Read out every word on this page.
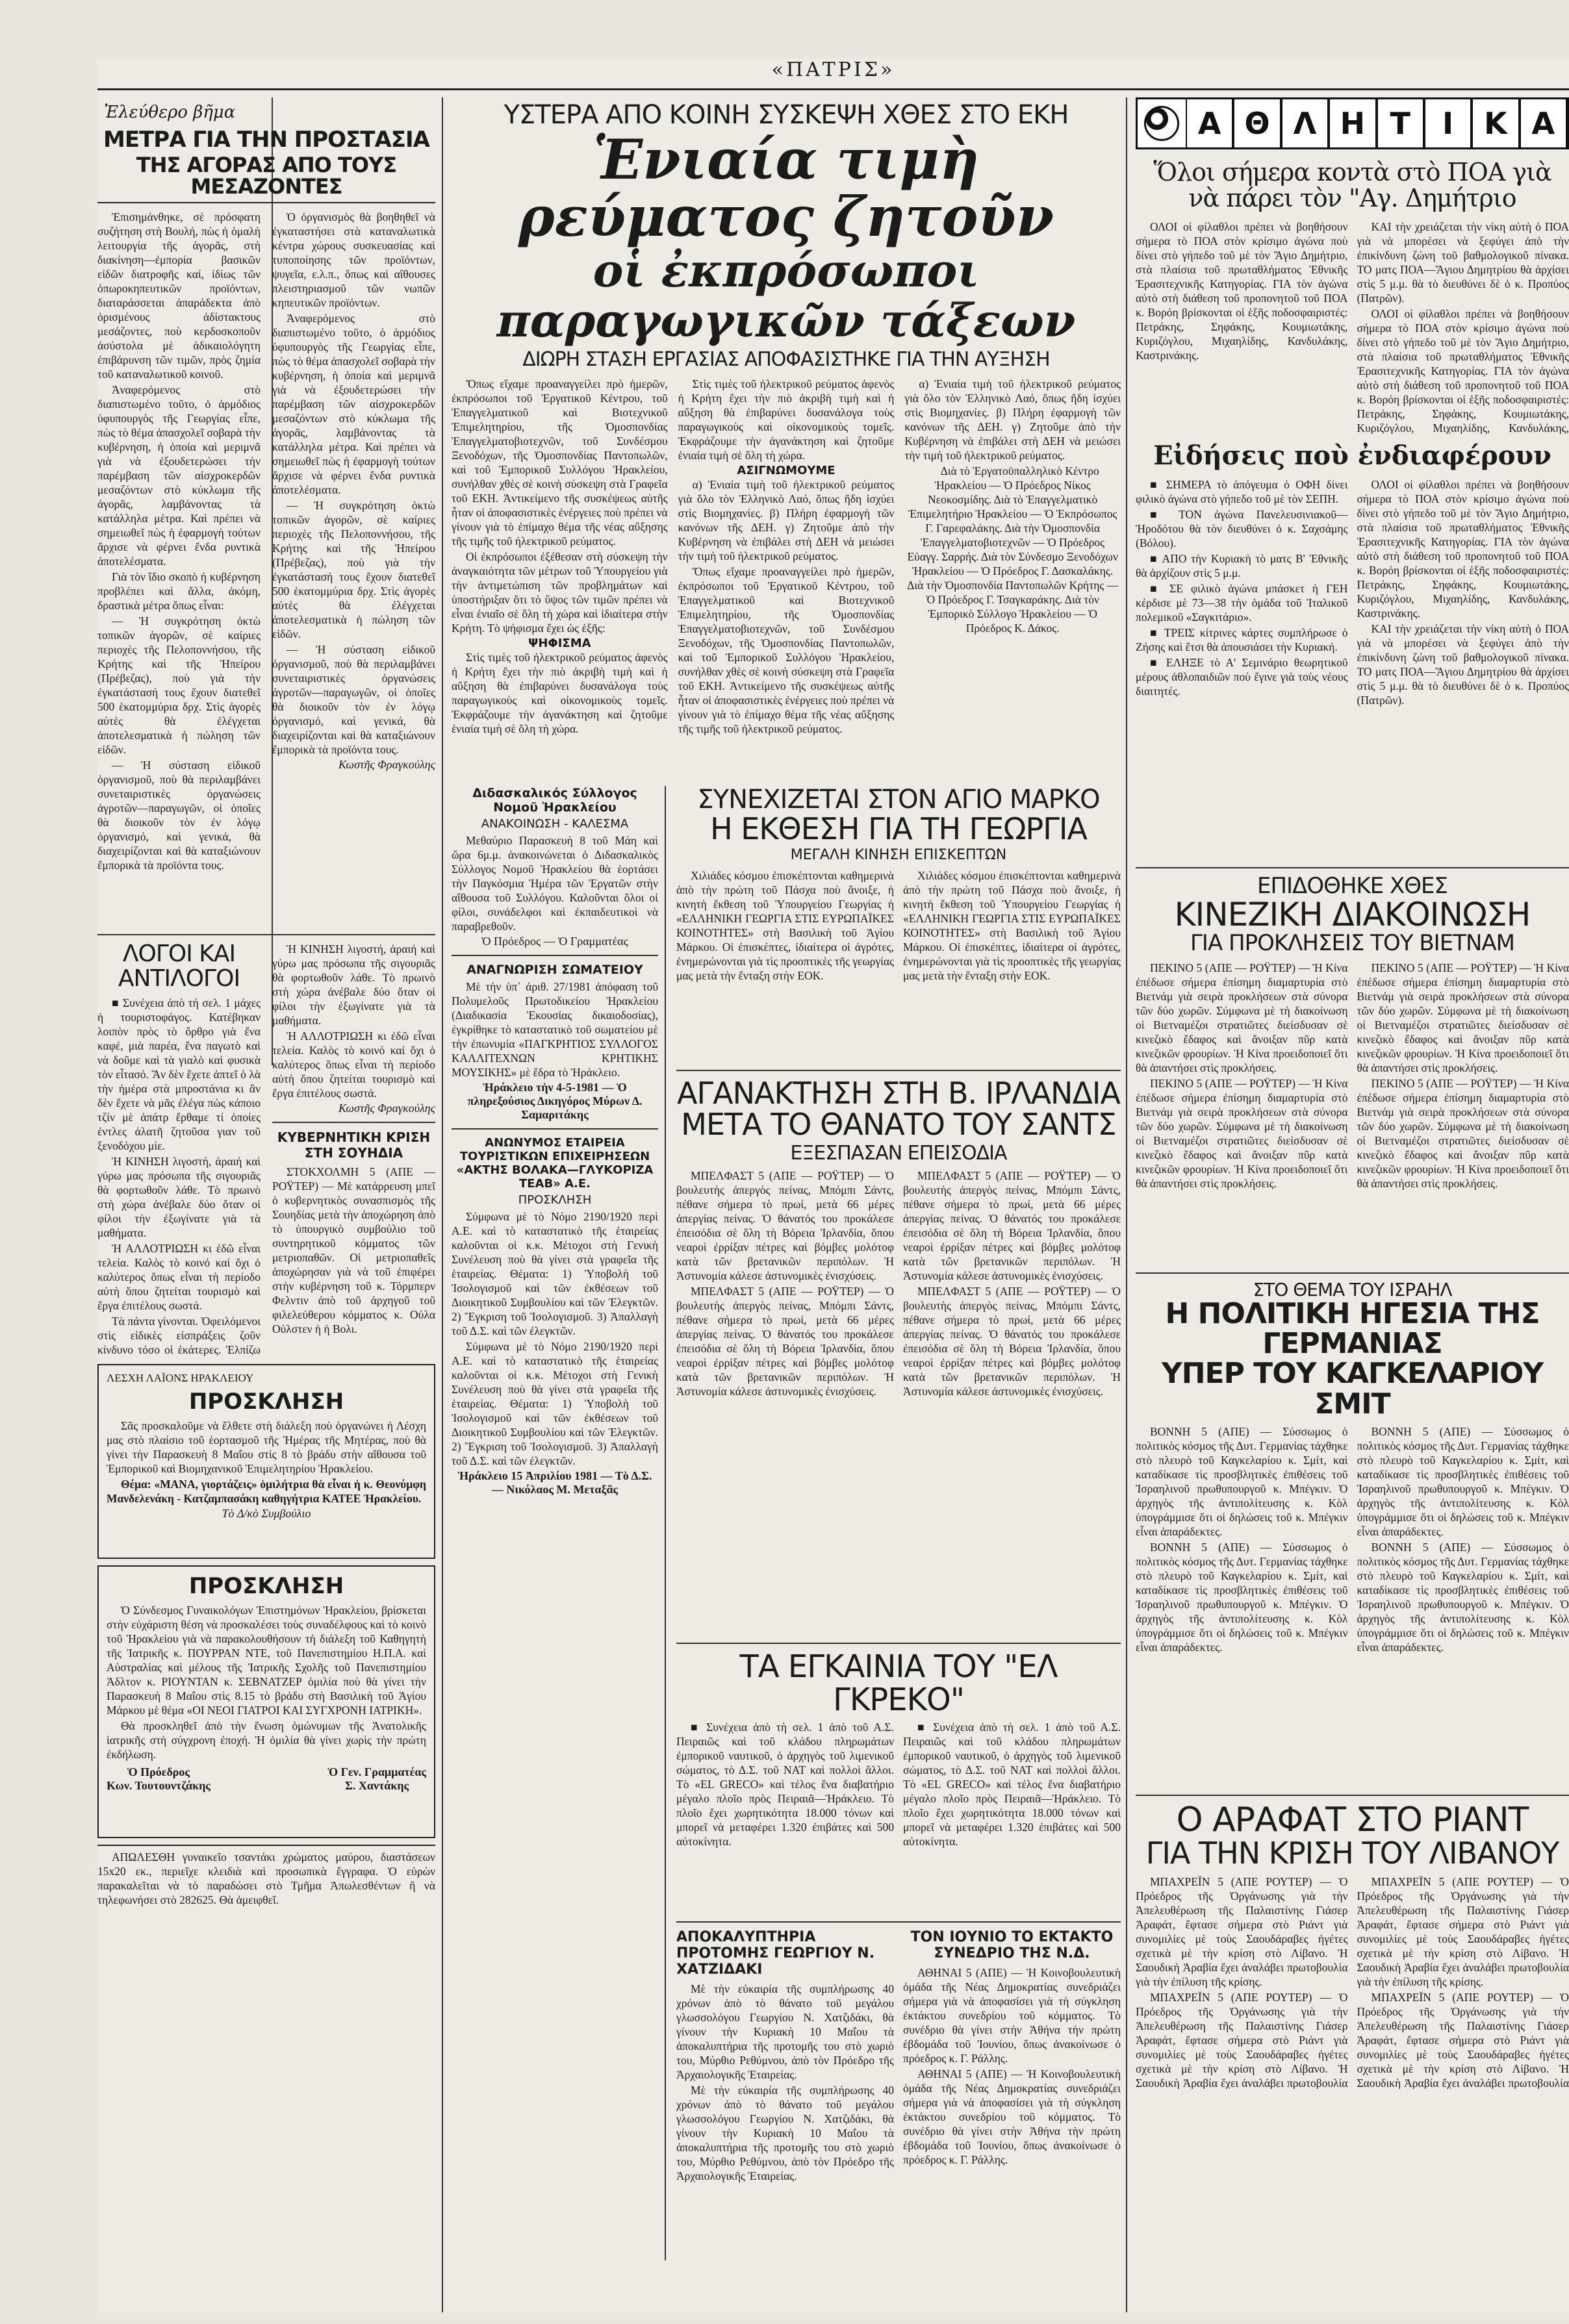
«ΠΑΤΡΙΣ»
Ἐλεύθερο βῆμα
ΜΕΤΡΑ ΓΙΑ ΤΗΝ ΠΡΟΣΤΑΣΙΑ
ΤΗΣ ΑΓΟΡΑΣ ΑΠΟ ΤΟΥΣ ΜΕΣΑΖΟΝΤΕΣ

Ἐπισημάνθηκε, σὲ πρόσφατη συζήτηση στὴ Βουλή, πὼς ἡ ὁμαλὴ λειτουργία τῆς ἀγορᾶς, στὴ διακίνηση—ἐμπορία βασικῶν εἰδῶν διατροφῆς καί, ἰδίως τῶν ὀπωροκηπευτικῶν προϊόντων, διαταράσσεται ἀπαράδεκτα ἀπὸ ὁρισμένους ἀδίστακτους μεσάζοντες, ποὺ κερδοσκοποῦν ἀσύστολα μὲ ἀδικαιολόγητη ἐπιβάρυνση τῶν τιμῶν, πρὸς ζημία τοῦ καταναλωτικοῦ κοινοῦ.

Ἀναφερόμενος στὸ διαπιστωμένο τοῦτο, ὁ ἁρμόδιος ὑφυπουργὸς τῆς Γεωργίας εἶπε, πὼς τὸ θέμα ἀπασχολεῖ σοβαρὰ τὴν κυβέρνηση, ἡ ὁποία καὶ μεριμνᾶ γιὰ νὰ ἐξουδετερώσει τὴν παρέμβαση τῶν αἰσχροκερδῶν μεσαζόντων στὸ κύκλωμα τῆς ἀγορᾶς, λαμβάνοντας τὰ κατάλληλα μέτρα. Καὶ πρέπει νὰ σημειωθεῖ πὼς ἡ ἐφαρμογὴ τούτων ἄρχισε νὰ φέρνει ἔνδα ρυντικὰ ἀποτελέσματα.

Γιὰ τὸν ἴδιο σκοπὸ ἡ κυβέρνηση προβλέπει καὶ ἄλλα, ἀκόμη, δραστικὰ μέτρα ὅπως εἶναι:

— Ἡ συγκρότηση ὀκτὼ τοπικῶν ἀγορῶν, σὲ καίριες περιοχὲς τῆς Πελοποννήσου, τῆς Κρήτης καὶ τῆς Ἠπείρου (Πρέβεζας), ποὺ γιὰ τὴν ἐγκατάστασή τους ἔχουν διατεθεῖ 500 ἑκατομμύρια δρχ. Στὶς ἀγορὲς αὐτὲς θὰ ἐλέγχεται ἀποτελεσματικὰ ἡ πώληση τῶν εἰδῶν.

— Ἡ σύσταση εἰδικοῦ ὀργανισμοῦ, ποὺ θὰ περιλαμβάνει συνεταιριστικὲς ὀργανώσεις ἀγροτῶν—παραγωγῶν, οἱ ὁποῖες θὰ διοικοῦν τὸν ἐν λόγῳ ὀργανισμό, καὶ γενικά, θὰ διαχειρίζονται καὶ θὰ καταξιώνουν ἔμπορικὰ τὰ προϊόντα τους.

Ὁ ὀργανισμὸς θὰ βοηθηθεῖ νὰ ἐγκαταστήσει στὰ καταναλωτικὰ κέντρα χώρους συσκευασίας καὶ τυποποίησης τῶν προϊόντων, ψυγεῖα, ε.λ.π., ὅπως καὶ αἴθουσες πλειστηριασμοῦ τῶν νωπῶν κηπευτικῶν προϊόντων.

Ἀναφερόμενος στὸ διαπιστωμένο τοῦτο, ὁ ἁρμόδιος ὑφυπουργὸς τῆς Γεωργίας εἶπε, πὼς τὸ θέμα ἀπασχολεῖ σοβαρὰ τὴν κυβέρνηση, ἡ ὁποία καὶ μεριμνᾶ γιὰ νὰ ἐξουδετερώσει τὴν παρέμβαση τῶν αἰσχροκερδῶν μεσαζόντων στὸ κύκλωμα τῆς ἀγορᾶς, λαμβάνοντας τὰ κατάλληλα μέτρα. Καὶ πρέπει νὰ σημειωθεῖ πὼς ἡ ἐφαρμογὴ τούτων ἄρχισε νὰ φέρνει ἔνδα ρυντικὰ ἀποτελέσματα.

— Ἡ συγκρότηση ὀκτὼ τοπικῶν ἀγορῶν, σὲ καίριες περιοχὲς τῆς Πελοποννήσου, τῆς Κρήτης καὶ τῆς Ἠπείρου (Πρέβεζας), ποὺ γιὰ τὴν ἐγκατάστασή τους ἔχουν διατεθεῖ 500 ἑκατομμύρια δρχ. Στὶς ἀγορὲς αὐτὲς θὰ ἐλέγχεται ἀποτελεσματικὰ ἡ πώληση τῶν εἰδῶν.

— Ἡ σύσταση εἰδικοῦ ὀργανισμοῦ, ποὺ θὰ περιλαμβάνει συνεταιριστικὲς ὀργανώσεις ἀγροτῶν—παραγωγῶν, οἱ ὁποῖες θὰ διοικοῦν τὸν ἐν λόγῳ ὀργανισμό, καὶ γενικά, θὰ διαχειρίζονται καὶ θὰ καταξιώνουν ἔμπορικὰ τὰ προϊόντα τους.

Κωστῆς Φραγκούλης
ΛΟΓΟΙ ΚΑΙ ΑΝΤΙΛΟΓΟΙ

■ Συνέχεια ἀπὸ τή σελ. 1 μάχες ἡ τουριστοφάγος. Κατέβηκαν λοιπὸν πρὸς τὸ ὄρθρο γιὰ ἕνα καφέ, μιὰ παρέα, ἕνα παγωτὸ καὶ νὰ δοῦμε καὶ τὰ γιαλὸ καὶ φυσικὰ τὸν εἶτασό. Ἂν δὲν ἔχετε ἀπτεῖ ὁ λὰ τὴν ἡμέρα στὰ μπροστάνια κι ἂν δὲν ἔχετε νὰ μᾶς ἐλέγα πὼς κάποιο τζίν μὲ ἀπάτρ ἔρθαμε τί ὁποίες ἐντλες ἀλατῆ ζητοῦσα γιαν τοῦ ξενοδόχου μίε.

Ἡ ΚΙΝΗΣΗ λιγοστή, ἀραιή καὶ γύρω μας πρόσωπα τῆς σιγουριᾶς θὰ φορτωθοῦν λάθε. Τὸ πρωινὸ στὴ χώρα ἀνέβαλε δύο ὄταν οἱ φίλοι τὴν ἐξωγίνατε γιὰ τὰ μαθήματα.

Ἡ ΑΛΛΟΤΡΙΩΣΗ κι ἐδῶ εἶναι τελεία. Καλὸς τὸ κοινό καί ὄχι ὁ καλύτερος ὅπως εἶναι τὴ περίοδο αὐτὴ ὅπου ζητείται τουρισμὸ καὶ ἔργα ἐπιτέλους σωστά.

Τὰ πάντα γίνονται. Ὀφειλόμενοι στὶς εἰδικὲς εἰσπράξεις ζοῦν κίνδυνο τόσο οἱ ἑκάτερες. Ἐλπίζω

Ἡ ΚΙΝΗΣΗ λιγοστή, ἀραιή καὶ γύρω μας πρόσωπα τῆς σιγουριᾶς θὰ φορτωθοῦν λάθε. Τὸ πρωινὸ στὴ χώρα ἀνέβαλε δύο ὄταν οἱ φίλοι τὴν ἐξωγίνατε γιὰ τὰ μαθήματα.

Ἡ ΑΛΛΟΤΡΙΩΣΗ κι ἐδῶ εἶναι τελεία. Καλὸς τὸ κοινό καί ὄχι ὁ καλύτερος ὅπως εἶναι τὴ περίοδο αὐτὴ ὅπου ζητείται τουρισμὸ καὶ ἔργα ἐπιτέλους σωστά.

Κωστῆς Φραγκούλης
ΚΥΒΕΡΝΗΤΙΚΗ ΚΡΙΣΗ ΣΤΗ ΣΟΥΗΔΙΑ

ΣΤΟΚΧΟΛΜΗ 5 (ΑΠΕ — ΡΟΫΤΕΡ) — Μὲ κατάρρευση μπεῖ ὁ κυβερνητικὸς συνασπισμὸς τῆς Σουηδίας μετὰ τὴν ἀποχώρηση ἀπὸ τὸ ὑπουργικὸ συμβούλιο τοῦ συντηρητικοῦ κόμματος τῶν μετριοπαθῶν. Οἱ μετριοπαθεῖς ἀποχώρησαν γιὰ νὰ τοῦ ἐπιφέρει στὴν κυβέρνηση τοῦ κ. Τόρμπερν Φελντιν ἀπὸ τοῦ ἀρχηγοῦ τοῦ φιλελεύθερου κόμματος κ. Οὐλα Οὐλστεν ἡ ἡ Βολι.

ΛΕΣΧΗ ΛΑΪΟΝΣ ΗΡΑΚΛΕΙΟΥ
ΠΡΟΣΚΛΗΣΗ

Σᾶς προσκαλοῦμε νὰ ἔλθετε στὴ διάλεξη ποὺ ὀργανώνει ἡ Λέσχη μας στὸ πλαίσιο τοῦ ἑορτασμοῦ τῆς Ἡμέρας τῆς Μητέρας, ποὺ θὰ γίνει τὴν Παρασκευὴ 8 Μαΐου στὶς 8 τὸ βράδυ στὴν αἴθουσα τοῦ Ἐμπορικοῦ καὶ Βιομηχανικοῦ Ἐπιμελητηρίου Ἡρακλείου.

Θέμα: «ΜΑΝΑ, γιορτάζεις» ὁμιλήτρια θὰ εἶναι ἡ κ. Θεονύμφη Μανδελενάκη - Κατζαμπασάκη καθηγήτρια ΚΑΤΕΕ Ἡρακλείου.

Τὸ Δ/κὸ Συμβούλιο
ΠΡΟΣΚΛΗΣΗ

Ὁ Σύνδεσμος Γυναικολόγων Ἐπιστημόνων Ἡρακλείου, βρίσκεται στὴν εὐχάριστη θέση νὰ προσκαλέσει τοὺς συναδέλφους καὶ τὸ κοινὸ τοῦ Ἡρακλείου γιὰ νὰ παρακολουθήσουν τὴ διάλεξη τοῦ Καθηγητὴ τῆς Ἰατρικῆς κ. ΠΟΥΡΡΑΝ ΝΤΕ, τοῦ Πανεπιστημίου Η.Π.Α. καὶ Αὐστραλίας καὶ μέλους τῆς Ἰατρικῆς Σχολῆς τοῦ Πανεπιστημίου Ἁδλτον κ. ΡΙΟΥΝΤΑΝ κ. ΣΕΒΝΑΤΖΕΡ ὁμιλία ποὺ θὰ γίνει τὴν Παρασκευὴ 8 Μαΐου στὶς 8.15 τὸ βράδυ στὴ Βασιλικὴ τοῦ Ἁγίου Μάρκου μὲ θέμα «ΟΙ ΝΕΟΙ ΓΙΑΤΡΟΙ ΚΑΙ ΣΥΓΧΡΟΝΗ ΙΑΤΡΙΚΗ».

Θὰ προσκληθεῖ ἀπὸ τὴν ἕνωση ὁμώνυμων τῆς Ἀνατολικῆς ἰατρικῆς στὴ σύγχρονη ἐποχή. Ἡ ὁμιλία θὰ γίνει χωρὶς τὴν πρώτη ἐκδήλωση.

Ὁ Πρόεδρος
Κων. Τουτουντζάκης
Ὁ Γεν. Γραμματέας
Σ. Χαντάκης

ΑΠΩΛΕΣΘΗ γυναικεῖο τσαντάκι χρώματος μαύρου, διαστάσεων 15x20 εκ., περιεῖχε κλειδιὰ καὶ προσωπικὰ ἔγγραφα. Ὁ εὑρὼν παρακαλεῖται νὰ τὸ παραδώσει στὸ Τμῆμα Ἀπωλεσθέντων ἢ νὰ τηλεφωνήσει στὸ 282625. Θὰ ἀμειφθεῖ.

ΥΣΤΕΡΑ ΑΠΟ ΚΟΙΝΗ ΣΥΣΚΕΨΗ ΧΘΕΣ ΣΤΟ ΕΚΗ
Ἑνιαία τιμὴ ρεύματος ζητοῦν
οἱ ἐκπρόσωποι παραγωγικῶν τάξεων
ΔΙΩΡΗ ΣΤΑΣΗ ΕΡΓΑΣΙΑΣ ΑΠΟΦΑΣΙΣΤΗΚΕ ΓΙΑ ΤΗΝ ΑΥΞΗΣΗ

Ὅπως εἴχαμε προαναγγείλει πρὸ ἡμερῶν, ἐκπρόσωποι τοῦ Ἐργατικοῦ Κέντρου, τοῦ Ἐπαγγελματικοῦ καὶ Βιοτεχνικοῦ Ἐπιμελητηρίου, τῆς Ὁμοσπονδίας Ἐπαγγελματοβιοτεχνῶν, τοῦ Συνδέσμου Ξενοδόχων, τῆς Ὁμοσπονδίας Παντοπωλῶν, καὶ τοῦ Ἐμπορικοῦ Συλλόγου Ἡρακλείου, συνήλθαν χθὲς σὲ κοινὴ σύσκεψη στὰ Γραφεῖα τοῦ ΕΚΗ. Ἀντικείμενο τῆς συσκέψεως αὐτῆς ἦταν οἱ ἀποφασιστικὲς ἐνέργειες ποὺ πρέπει νὰ γίνουν γιὰ τὸ ἐπίμαχο θέμα τῆς νέας αὔξησης τῆς τιμῆς τοῦ ἠλεκτρικοῦ ρεύματος.

Οἱ ἐκπρόσωποι ἐξέθεσαν στὴ σύσκεψη τὴν ἀναγκαιότητα τῶν μέτρων τοῦ Ὑπουργείου γιὰ τὴν ἀντιμετώπιση τῶν προβλημάτων καὶ ὑποστήριξαν ὅτι τὸ ὕψος τῶν τιμῶν πρέπει νὰ εἶναι ἑνιαῖο σὲ ὅλη τὴ χώρα καὶ ἰδιαίτερα στὴν Κρήτη. Τὸ ψήφισμα ἔχει ὡς ἑξῆς:

ΨΗΦΙΣΜΑ

Στὶς τιμὲς τοῦ ἠλεκτρικοῦ ρεύματος ἀφενὸς ἡ Κρήτη ἔχει τὴν πιὸ ἀκριβὴ τιμὴ καὶ ἡ αὔξηση θὰ ἐπιβαρύνει δυσανάλογα τοὺς παραγωγικοὺς καὶ οἰκονομικοὺς τομεῖς. Ἐκφράζουμε τὴν ἀγανάκτηση καὶ ζητοῦμε ἑνιαία τιμὴ σὲ ὅλη τὴ χώρα.

Στὶς τιμὲς τοῦ ἠλεκτρικοῦ ρεύματος ἀφενὸς ἡ Κρήτη ἔχει τὴν πιὸ ἀκριβὴ τιμὴ καὶ ἡ αὔξηση θὰ ἐπιβαρύνει δυσανάλογα τοὺς παραγωγικοὺς καὶ οἰκονομικοὺς τομεῖς. Ἐκφράζουμε τὴν ἀγανάκτηση καὶ ζητοῦμε ἑνιαία τιμὴ σὲ ὅλη τὴ χώρα.

ΑΣΙΓΝΩΜΟΥΜΕ

α) Ἑνιαία τιμὴ τοῦ ἠλεκτρικοῦ ρεύματος γιὰ ὅλο τὸν Ἑλληνικὸ Λαό, ὅπως ἤδη ἰσχύει στὶς Βιομηχανίες. β) Πλήρη ἐφαρμογὴ τῶν κανόνων τῆς ΔΕΗ. γ) Ζητοῦμε ἀπὸ τὴν Κυβέρνηση νὰ ἐπιβάλει στὴ ΔΕΗ νὰ μειώσει τὴν τιμὴ τοῦ ἠλεκτρικοῦ ρεύματος.

Ὅπως εἴχαμε προαναγγείλει πρὸ ἡμερῶν, ἐκπρόσωποι τοῦ Ἐργατικοῦ Κέντρου, τοῦ Ἐπαγγελματικοῦ καὶ Βιοτεχνικοῦ Ἐπιμελητηρίου, τῆς Ὁμοσπονδίας Ἐπαγγελματοβιοτεχνῶν, τοῦ Συνδέσμου Ξενοδόχων, τῆς Ὁμοσπονδίας Παντοπωλῶν, καὶ τοῦ Ἐμπορικοῦ Συλλόγου Ἡρακλείου, συνήλθαν χθὲς σὲ κοινὴ σύσκεψη στὰ Γραφεῖα τοῦ ΕΚΗ. Ἀντικείμενο τῆς συσκέψεως αὐτῆς ἦταν οἱ ἀποφασιστικὲς ἐνέργειες ποὺ πρέπει νὰ γίνουν γιὰ τὸ ἐπίμαχο θέμα τῆς νέας αὔξησης τῆς τιμῆς τοῦ ἠλεκτρικοῦ ρεύματος.

α) Ἑνιαία τιμὴ τοῦ ἠλεκτρικοῦ ρεύματος γιὰ ὅλο τὸν Ἑλληνικὸ Λαό, ὅπως ἤδη ἰσχύει στὶς Βιομηχανίες. β) Πλήρη ἐφαρμογὴ τῶν κανόνων τῆς ΔΕΗ. γ) Ζητοῦμε ἀπὸ τὴν Κυβέρνηση νὰ ἐπιβάλει στὴ ΔΕΗ νὰ μειώσει τὴν τιμὴ τοῦ ἠλεκτρικοῦ ρεύματος.

Διὰ τὸ Ἐργατοϋπαλληλικὸ Κέντρο Ἡρακλείου — Ὁ Πρόεδρος Νίκος Νεοκοσμίδης. Διὰ τὸ Ἐπαγγελματικὸ Ἐπιμελητήριο Ἡρακλείου — Ὁ Ἐκπρόσωπος Γ. Γαρεφαλάκης. Διὰ τὴν Ὁμοσπονδία Ἐπαγγελματοβιοτεχνῶν — Ὁ Πρόεδρος Εὐαγγ. Σαρρής. Διὰ τὸν Σύνδεσμο Ξενοδόχων Ἡρακλείου — Ὁ Πρόεδρος Γ. Δασκαλάκης. Διὰ τὴν Ὁμοσπονδία Παντοπωλῶν Κρήτης — Ὁ Πρόεδρος Γ. Τσαγκαράκης. Διὰ τὸν Ἐμπορικὸ Σύλλογο Ἡρακλείου — Ὁ Πρόεδρος Κ. Δάκος.

Διδασκαλικός Σύλλογος Νομοῦ Ἡρακλείου
ΑΝΑΚΟΙΝΩΣΗ - ΚΑΛΕΣΜΑ

Μεθαύριο Παρασκευὴ 8 τοῦ Μάη καὶ ὥρα 6μ.μ. ἀνακοινώνεται ὁ Διδασκαλικὸς Σύλλογος Νομοῦ Ἡρακλείου θὰ ἑορτάσει τὴν Παγκόσμια Ἡμέρα τῶν Ἐργατῶν στὴν αἴθουσα τοῦ Συλλόγου. Καλοῦνται ὅλοι οἱ φίλοι, συνάδελφοι καὶ ἐκπαιδευτικοὶ νὰ παραβρεθοῦν.

Ὁ Πρόεδρος — Ὁ Γραμματέας
ΑΝΑΓΝΩΡΙΣΗ ΣΩΜΑΤΕΙΟΥ

Μὲ τὴν ὑπ᾿ ἀριθ. 27/1981 ἀπόφαση τοῦ Πολυμελοῦς Πρωτοδικείου Ἡρακλείου (Διαδικασία Ἑκουσίας δικαιοδοσίας), ἐγκρίθηκε τὸ καταστατικὸ τοῦ σωματείου μὲ τὴν ἐπωνυμία «ΠΑΓΚΡΗΤΙΟΣ ΣΥΛΛΟΓΟΣ ΚΑΛΛΙΤΕΧΝΩΝ ΚΡΗΤΙΚΗΣ ΜΟΥΣΙΚΗΣ» μὲ ἕδρα τὸ Ἡράκλειο.

Ἡράκλειο τὴν 4-5-1981 — Ὁ πληρεξούσιος Δικηγόρος Μύρων Δ. Σαμαριτάκης
ΑΝΩΝΥΜΟΣ ΕΤΑΙΡΕΙΑ ΤΟΥΡΙΣΤΙΚΩΝ ΕΠΙΧΕΙΡΗΣΕΩΝ «ΑΚΤΗΣ ΒΟΛΑΚΑ—ΓΛΥΚΟΡΙΖΑ ΤΕΑΒ» Α.Ε.
ΠΡΟΣΚΛΗΣΗ

Σύμφωνα μὲ τὸ Νόμο 2190/1920 περὶ Α.Ε. καὶ τὸ καταστατικὸ τῆς ἑταιρείας καλοῦνται οἱ κ.κ. Μέτοχοι στὴ Γενικὴ Συνέλευση ποὺ θὰ γίνει στὰ γραφεῖα τῆς ἑταιρείας. Θέματα: 1) Ὑποβολὴ τοῦ Ἰσολογισμοῦ καὶ τῶν ἐκθέσεων τοῦ Διοικητικοῦ Συμβουλίου καὶ τῶν Ἐλεγκτῶν. 2) Ἔγκριση τοῦ Ἰσολογισμοῦ. 3) Ἀπαλλαγὴ τοῦ Δ.Σ. καὶ τῶν ἐλεγκτῶν.

Σύμφωνα μὲ τὸ Νόμο 2190/1920 περὶ Α.Ε. καὶ τὸ καταστατικὸ τῆς ἑταιρείας καλοῦνται οἱ κ.κ. Μέτοχοι στὴ Γενικὴ Συνέλευση ποὺ θὰ γίνει στὰ γραφεῖα τῆς ἑταιρείας. Θέματα: 1) Ὑποβολὴ τοῦ Ἰσολογισμοῦ καὶ τῶν ἐκθέσεων τοῦ Διοικητικοῦ Συμβουλίου καὶ τῶν Ἐλεγκτῶν. 2) Ἔγκριση τοῦ Ἰσολογισμοῦ. 3) Ἀπαλλαγὴ τοῦ Δ.Σ. καὶ τῶν ἐλεγκτῶν.

Ἡράκλειο 15 Ἀπριλίου 1981 — Τὸ Δ.Σ. — Νικόλαος Μ. Μεταξᾶς
ΣΥΝΕΧΙΖΕΤΑΙ ΣΤΟΝ ΑΓΙΟ ΜΑΡΚΟ
Η ΕΚΘΕΣΗ ΓΙΑ ΤΗ ΓΕΩΡΓΙΑ
ΜΕΓΑΛΗ ΚΙΝΗΣΗ ΕΠΙΣΚΕΠΤΩΝ

Χιλιάδες κόσμου ἐπισκέπτονται καθημερινὰ ἀπὸ τὴν πρώτη τοῦ Πάσχα ποὺ ἄνοιξε, ἡ κινητὴ ἔκθεση τοῦ Ὑπουργείου Γεωργίας ἡ «ΕΛΛΗΝΙΚΗ ΓΕΩΡΓΙΑ ΣΤΙΣ ΕΥΡΩΠΑΪΚΕΣ ΚΟΙΝΟΤΗΤΕΣ» στὴ Βασιλικὴ τοῦ Ἁγίου Μάρκου. Οἱ ἐπισκέπτες, ἰδιαίτερα οἱ ἀγρότες, ἐνημερώνονται γιὰ τὶς προοπτικὲς τῆς γεωργίας μας μετὰ τὴν ἔνταξη στὴν ΕΟΚ.

Χιλιάδες κόσμου ἐπισκέπτονται καθημερινὰ ἀπὸ τὴν πρώτη τοῦ Πάσχα ποὺ ἄνοιξε, ἡ κινητὴ ἔκθεση τοῦ Ὑπουργείου Γεωργίας ἡ «ΕΛΛΗΝΙΚΗ ΓΕΩΡΓΙΑ ΣΤΙΣ ΕΥΡΩΠΑΪΚΕΣ ΚΟΙΝΟΤΗΤΕΣ» στὴ Βασιλικὴ τοῦ Ἁγίου Μάρκου. Οἱ ἐπισκέπτες, ἰδιαίτερα οἱ ἀγρότες, ἐνημερώνονται γιὰ τὶς προοπτικὲς τῆς γεωργίας μας μετὰ τὴν ἔνταξη στὴν ΕΟΚ.

ΑΓΑΝΑΚΤΗΣΗ ΣΤΗ Β. ΙΡΛΑΝΔΙΑ
ΜΕΤΑ ΤΟ ΘΑΝΑΤΟ ΤΟΥ ΣΑΝΤΣ
ΕΞΕΣΠΑΣΑΝ ΕΠΕΙΣΟΔΙΑ

ΜΠΕΛΦΑΣΤ 5 (ΑΠΕ — ΡΟΫΤΕΡ) — Ὁ βουλευτὴς ἀπεργὸς πείνας, Μπόμπι Σάντς, πέθανε σήμερα τὸ πρωί, μετὰ 66 μέρες ἀπεργίας πείνας. Ὁ θάνατός του προκάλεσε ἐπεισόδια σὲ ὅλη τὴ Βόρεια Ἰρλανδία, ὅπου νεαροὶ ἐρρίξαν πέτρες καὶ βόμβες μολότοφ κατὰ τῶν βρετανικῶν περιπόλων. Ἡ Ἀστυνομία κάλεσε ἀστυνομικὲς ἐνισχύσεις.

ΜΠΕΛΦΑΣΤ 5 (ΑΠΕ — ΡΟΫΤΕΡ) — Ὁ βουλευτὴς ἀπεργὸς πείνας, Μπόμπι Σάντς, πέθανε σήμερα τὸ πρωί, μετὰ 66 μέρες ἀπεργίας πείνας. Ὁ θάνατός του προκάλεσε ἐπεισόδια σὲ ὅλη τὴ Βόρεια Ἰρλανδία, ὅπου νεαροὶ ἐρρίξαν πέτρες καὶ βόμβες μολότοφ κατὰ τῶν βρετανικῶν περιπόλων. Ἡ Ἀστυνομία κάλεσε ἀστυνομικὲς ἐνισχύσεις.

ΜΠΕΛΦΑΣΤ 5 (ΑΠΕ — ΡΟΫΤΕΡ) — Ὁ βουλευτὴς ἀπεργὸς πείνας, Μπόμπι Σάντς, πέθανε σήμερα τὸ πρωί, μετὰ 66 μέρες ἀπεργίας πείνας. Ὁ θάνατός του προκάλεσε ἐπεισόδια σὲ ὅλη τὴ Βόρεια Ἰρλανδία, ὅπου νεαροὶ ἐρρίξαν πέτρες καὶ βόμβες μολότοφ κατὰ τῶν βρετανικῶν περιπόλων. Ἡ Ἀστυνομία κάλεσε ἀστυνομικὲς ἐνισχύσεις.

ΜΠΕΛΦΑΣΤ 5 (ΑΠΕ — ΡΟΫΤΕΡ) — Ὁ βουλευτὴς ἀπεργὸς πείνας, Μπόμπι Σάντς, πέθανε σήμερα τὸ πρωί, μετὰ 66 μέρες ἀπεργίας πείνας. Ὁ θάνατός του προκάλεσε ἐπεισόδια σὲ ὅλη τὴ Βόρεια Ἰρλανδία, ὅπου νεαροὶ ἐρρίξαν πέτρες καὶ βόμβες μολότοφ κατὰ τῶν βρετανικῶν περιπόλων. Ἡ Ἀστυνομία κάλεσε ἀστυνομικὲς ἐνισχύσεις.

ΤΑ ΕΓΚΑΙΝΙΑ ΤΟΥ "ΕΛ ΓΚΡΕΚΟ"

■ Συνέχεια ἀπὸ τὴ σελ. 1 ἀπὸ τοῦ Α.Σ. Πειραιῶς καὶ τοῦ κλάδου πληρωμάτων ἐμπορικοῦ ναυτικοῦ, ὁ ἀρχηγὸς τοῦ λιμενικοῦ σώματος, τὸ Δ.Σ. τοῦ ΝΑΤ καὶ πολλοὶ ἄλλοι. Τὸ «EL GRECO» καὶ τέλος ἕνα διαβατήριο μέγαλο πλοῖο πρὸς Πειραιᾶ—Ἡράκλειο. Τὸ πλοῖο ἔχει χωρητικότητα 18.000 τόνων καὶ μπορεῖ νὰ μεταφέρει 1.320 ἐπιβάτες καὶ 500 αὐτοκίνητα.

■ Συνέχεια ἀπὸ τὴ σελ. 1 ἀπὸ τοῦ Α.Σ. Πειραιῶς καὶ τοῦ κλάδου πληρωμάτων ἐμπορικοῦ ναυτικοῦ, ὁ ἀρχηγὸς τοῦ λιμενικοῦ σώματος, τὸ Δ.Σ. τοῦ ΝΑΤ καὶ πολλοὶ ἄλλοι. Τὸ «EL GRECO» καὶ τέλος ἕνα διαβατήριο μέγαλο πλοῖο πρὸς Πειραιᾶ—Ἡράκλειο. Τὸ πλοῖο ἔχει χωρητικότητα 18.000 τόνων καὶ μπορεῖ νὰ μεταφέρει 1.320 ἐπιβάτες καὶ 500 αὐτοκίνητα.

ΑΠΟΚΑΛΥΠΤΗΡΙΑ ΠΡΟΤΟΜΗΣ ΓΕΩΡΓΙΟΥ Ν. ΧΑΤΖΙΔΑΚΙ

Μὲ τὴν εὐκαιρία τῆς συμπλήρωσης 40 χρόνων ἀπὸ τὸ θάνατο τοῦ μεγάλου γλωσσολόγου Γεωργίου Ν. Χατζιδάκι, θὰ γίνουν τὴν Κυριακὴ 10 Μαΐου τὰ ἀποκαλυπτήρια τῆς προτομῆς του στὸ χωριὸ του, Μύρθιο Ρεθύμνου, ἀπὸ τὸν Πρόεδρο τῆς Ἀρχαιολογικῆς Ἑταιρείας.

Μὲ τὴν εὐκαιρία τῆς συμπλήρωσης 40 χρόνων ἀπὸ τὸ θάνατο τοῦ μεγάλου γλωσσολόγου Γεωργίου Ν. Χατζιδάκι, θὰ γίνουν τὴν Κυριακὴ 10 Μαΐου τὰ ἀποκαλυπτήρια τῆς προτομῆς του στὸ χωριὸ του, Μύρθιο Ρεθύμνου, ἀπὸ τὸν Πρόεδρο τῆς Ἀρχαιολογικῆς Ἑταιρείας.

ΤΟΝ ΙΟΥΝΙΟ ΤΟ ΕΚΤΑΚΤΟ ΣΥΝΕΔΡΙΟ ΤΗΣ Ν.Δ.

ΑΘΗΝΑΙ 5 (ΑΠΕ) — Ἡ Κοινοβουλευτικὴ ὁμάδα τῆς Νέας Δημοκρατίας συνεδριάζει σήμερα γιὰ νὰ ἀποφασίσει γιὰ τὴ σύγκληση ἐκτάκτου συνεδρίου τοῦ κόμματος. Τὸ συνέδριο θὰ γίνει στὴν Ἀθήνα τὴν πρώτη ἑβδομάδα τοῦ Ἰουνίου, ὅπως ἀνακοίνωσε ὁ πρόεδρος κ. Γ. Ράλλης.

ΑΘΗΝΑΙ 5 (ΑΠΕ) — Ἡ Κοινοβουλευτικὴ ὁμάδα τῆς Νέας Δημοκρατίας συνεδριάζει σήμερα γιὰ νὰ ἀποφασίσει γιὰ τὴ σύγκληση ἐκτάκτου συνεδρίου τοῦ κόμματος. Τὸ συνέδριο θὰ γίνει στὴν Ἀθήνα τὴν πρώτη ἑβδομάδα τοῦ Ἰουνίου, ὅπως ἀνακοίνωσε ὁ πρόεδρος κ. Γ. Ράλλης.

Α Θ Λ Η Τ	Ι	Κ Α
Ὅλοι σήμερα κοντὰ στὸ ΠΟΑ γιὰ νὰ πάρει τὸν "Αγ. Δημήτριο

ΟΛΟΙ οἱ φίλαθλοι πρέπει νὰ βοηθήσουν σήμερα τὸ ΠΟΑ στὸν κρίσιμο ἀγώνα ποὺ δίνει στὸ γήπεδο τοῦ μὲ τὸν Ἅγιο Δημήτριο, στὰ πλαίσια τοῦ πρωταθλήματος Ἐθνικῆς Ἐρασιτεχνικῆς Κατηγορίας. ΓΙΑ τὸν ἀγώνα αὐτὸ στὴ διάθεση τοῦ προπονητοῦ τοῦ ΠΟΑ κ. Βορόη βρίσκονται οἱ ἑξῆς ποδοσφαιριστές: Πετράκης, Σηφάκης, Κουμιωτάκης, Κυριζόγλου, Μιχαηλίδης, Κανδυλάκης, Καστρινάκης.

ΚΑΙ τὴν χρειάζεται τὴν νίκη αὐτὴ ὁ ΠΟΑ γιὰ νὰ μπορέσει νὰ ξεφύγει ἀπὸ τὴν ἐπικίνδυνη ζώνη τοῦ βαθμολογικοῦ πίνακα. ΤΟ ματς ΠΟΑ—Ἅγιου Δημητρίου θὰ ἀρχίσει στὶς 5 μ.μ. θὰ τὸ διευθύνει δὲ ὁ κ. Προπύος (Πατρῶν).

ΟΛΟΙ οἱ φίλαθλοι πρέπει νὰ βοηθήσουν σήμερα τὸ ΠΟΑ στὸν κρίσιμο ἀγώνα ποὺ δίνει στὸ γήπεδο τοῦ μὲ τὸν Ἅγιο Δημήτριο, στὰ πλαίσια τοῦ πρωταθλήματος Ἐθνικῆς Ἐρασιτεχνικῆς Κατηγορίας. ΓΙΑ τὸν ἀγώνα αὐτὸ στὴ διάθεση τοῦ προπονητοῦ τοῦ ΠΟΑ κ. Βορόη βρίσκονται οἱ ἑξῆς ποδοσφαιριστές: Πετράκης, Σηφάκης, Κουμιωτάκης, Κυριζόγλου, Μιχαηλίδης, Κανδυλάκης,

Εἰδήσεις ποὺ ἐνδιαφέρουν

■ ΣΗΜΕΡΑ τὸ ἀπόγευμα ὁ ΟΦΗ δίνει φιλικὸ ἀγώνα στὸ γήπεδο τοῦ μὲ τὸν ΣΕΠΗ.

■ ΤΟΝ ἀγώνα Πανελευσινιακοῦ—Ἡροδότου θὰ τὸν διευθύνει ὁ κ. Σαχσάμης (Βόλου).

■ ΑΠΟ τὴν Κυριακὴ τὸ ματς Β' Ἐθνικῆς θὰ ἀρχίζουν στὶς 5 μ.μ.

■ ΣΕ φιλικὸ ἀγώνα μπάσκετ ἡ ΓΕΗ κέρδισε μὲ 73—38 τὴν ὁμάδα τοῦ Ἰταλικοῦ πολεμικοῦ «Σαγκιτάριο».

■ ΤΡΕΙΣ κίτρινες κάρτες συμπλήρωσε ὁ Ζήσης καὶ ἔτσι θὰ ἀπουσιάσει τὴν Κυριακή.

■ ΕΛΗΞΕ τὸ Α' Σεμινάριο θεωρητικοῦ μέρους ἀθλοπαιδιῶν ποὺ ἔγινε γιὰ τοὺς νέους διαιτητές.

ΟΛΟΙ οἱ φίλαθλοι πρέπει νὰ βοηθήσουν σήμερα τὸ ΠΟΑ στὸν κρίσιμο ἀγώνα ποὺ δίνει στὸ γήπεδο τοῦ μὲ τὸν Ἅγιο Δημήτριο, στὰ πλαίσια τοῦ πρωταθλήματος Ἐθνικῆς Ἐρασιτεχνικῆς Κατηγορίας. ΓΙΑ τὸν ἀγώνα αὐτὸ στὴ διάθεση τοῦ προπονητοῦ τοῦ ΠΟΑ κ. Βορόη βρίσκονται οἱ ἑξῆς ποδοσφαιριστές: Πετράκης, Σηφάκης, Κουμιωτάκης, Κυριζόγλου, Μιχαηλίδης, Κανδυλάκης, Καστρινάκης.

ΚΑΙ τὴν χρειάζεται τὴν νίκη αὐτὴ ὁ ΠΟΑ γιὰ νὰ μπορέσει νὰ ξεφύγει ἀπὸ τὴν ἐπικίνδυνη ζώνη τοῦ βαθμολογικοῦ πίνακα. ΤΟ ματς ΠΟΑ—Ἅγιου Δημητρίου θὰ ἀρχίσει στὶς 5 μ.μ. θὰ τὸ διευθύνει δὲ ὁ κ. Προπύος (Πατρῶν).

ΕΠΙΔΟΘΗΚΕ ΧΘΕΣ
ΚΙΝΕΖΙΚΗ ΔΙΑΚΟΙΝΩΣΗ
ΓΙΑ ΠΡΟΚΛΗΣΕΙΣ ΤΟΥ ΒΙΕΤΝΑΜ

ΠΕΚΙΝΟ 5 (ΑΠΕ — ΡΟΫΤΕΡ) — Ἡ Κίνα ἐπέδωσε σήμερα ἐπίσημη διαμαρτυρία στὸ Βιετνάμ γιὰ σειρὰ προκλήσεων στὰ σύνορα τῶν δύο χωρῶν. Σύμφωνα μὲ τὴ διακοίνωση οἱ Βιετναμέζοι στρατιῶτες διείσδυσαν σὲ κινεζικὸ ἔδαφος καὶ ἄνοιξαν πῦρ κατὰ κινεζικῶν φρουρίων. Ἡ Κίνα προειδοποιεῖ ὅτι θὰ ἀπαντήσει στὶς προκλήσεις.

ΠΕΚΙΝΟ 5 (ΑΠΕ — ΡΟΫΤΕΡ) — Ἡ Κίνα ἐπέδωσε σήμερα ἐπίσημη διαμαρτυρία στὸ Βιετνάμ γιὰ σειρὰ προκλήσεων στὰ σύνορα τῶν δύο χωρῶν. Σύμφωνα μὲ τὴ διακοίνωση οἱ Βιετναμέζοι στρατιῶτες διείσδυσαν σὲ κινεζικὸ ἔδαφος καὶ ἄνοιξαν πῦρ κατὰ κινεζικῶν φρουρίων. Ἡ Κίνα προειδοποιεῖ ὅτι θὰ ἀπαντήσει στὶς προκλήσεις.

ΠΕΚΙΝΟ 5 (ΑΠΕ — ΡΟΫΤΕΡ) — Ἡ Κίνα ἐπέδωσε σήμερα ἐπίσημη διαμαρτυρία στὸ Βιετνάμ γιὰ σειρὰ προκλήσεων στὰ σύνορα τῶν δύο χωρῶν. Σύμφωνα μὲ τὴ διακοίνωση οἱ Βιετναμέζοι στρατιῶτες διείσδυσαν σὲ κινεζικὸ ἔδαφος καὶ ἄνοιξαν πῦρ κατὰ κινεζικῶν φρουρίων. Ἡ Κίνα προειδοποιεῖ ὅτι θὰ ἀπαντήσει στὶς προκλήσεις.

ΠΕΚΙΝΟ 5 (ΑΠΕ — ΡΟΫΤΕΡ) — Ἡ Κίνα ἐπέδωσε σήμερα ἐπίσημη διαμαρτυρία στὸ Βιετνάμ γιὰ σειρὰ προκλήσεων στὰ σύνορα τῶν δύο χωρῶν. Σύμφωνα μὲ τὴ διακοίνωση οἱ Βιετναμέζοι στρατιῶτες διείσδυσαν σὲ κινεζικὸ ἔδαφος καὶ ἄνοιξαν πῦρ κατὰ κινεζικῶν φρουρίων. Ἡ Κίνα προειδοποιεῖ ὅτι θὰ ἀπαντήσει στὶς προκλήσεις.

ΣΤΟ ΘΕΜΑ ΤΟΥ ΙΣΡΑΗΛ
Η ΠΟΛΙΤΙΚΗ ΗΓΕΣΙΑ ΤΗΣ ΓΕΡΜΑΝΙΑΣ
ΥΠΕΡ ΤΟΥ ΚΑΓΚΕΛΑΡΙΟΥ ΣΜΙΤ

ΒΟΝΝΗ 5 (ΑΠΕ) — Σύσσωμος ὁ πολιτικὸς κόσμος τῆς Δυτ. Γερμανίας τάχθηκε στὸ πλευρὸ τοῦ Καγκελαρίου κ. Σμίτ, καὶ καταδίκασε τὶς προσβλητικὲς ἐπιθέσεις τοῦ Ἰσραηλινοῦ πρωθυπουργοῦ κ. Μπέγκιν. Ὁ ἀρχηγὸς τῆς ἀντιπολίτευσης κ. Κὸλ ὑπογράμμισε ὅτι οἱ δηλώσεις τοῦ κ. Μπέγκιν εἶναι ἀπαράδεκτες.

ΒΟΝΝΗ 5 (ΑΠΕ) — Σύσσωμος ὁ πολιτικὸς κόσμος τῆς Δυτ. Γερμανίας τάχθηκε στὸ πλευρὸ τοῦ Καγκελαρίου κ. Σμίτ, καὶ καταδίκασε τὶς προσβλητικὲς ἐπιθέσεις τοῦ Ἰσραηλινοῦ πρωθυπουργοῦ κ. Μπέγκιν. Ὁ ἀρχηγὸς τῆς ἀντιπολίτευσης κ. Κὸλ ὑπογράμμισε ὅτι οἱ δηλώσεις τοῦ κ. Μπέγκιν εἶναι ἀπαράδεκτες.

ΒΟΝΝΗ 5 (ΑΠΕ) — Σύσσωμος ὁ πολιτικὸς κόσμος τῆς Δυτ. Γερμανίας τάχθηκε στὸ πλευρὸ τοῦ Καγκελαρίου κ. Σμίτ, καὶ καταδίκασε τὶς προσβλητικὲς ἐπιθέσεις τοῦ Ἰσραηλινοῦ πρωθυπουργοῦ κ. Μπέγκιν. Ὁ ἀρχηγὸς τῆς ἀντιπολίτευσης κ. Κὸλ ὑπογράμμισε ὅτι οἱ δηλώσεις τοῦ κ. Μπέγκιν εἶναι ἀπαράδεκτες.

ΒΟΝΝΗ 5 (ΑΠΕ) — Σύσσωμος ὁ πολιτικὸς κόσμος τῆς Δυτ. Γερμανίας τάχθηκε στὸ πλευρὸ τοῦ Καγκελαρίου κ. Σμίτ, καὶ καταδίκασε τὶς προσβλητικὲς ἐπιθέσεις τοῦ Ἰσραηλινοῦ πρωθυπουργοῦ κ. Μπέγκιν. Ὁ ἀρχηγὸς τῆς ἀντιπολίτευσης κ. Κὸλ ὑπογράμμισε ὅτι οἱ δηλώσεις τοῦ κ. Μπέγκιν εἶναι ἀπαράδεκτες.

Ο ΑΡΑΦΑΤ ΣΤΟ ΡΙΑΝΤ
ΓΙΑ ΤΗΝ ΚΡΙΣΗ ΤΟΥ ΛΙΒΑΝΟΥ

ΜΠΑΧΡΕΪΝ 5 (ΑΠΕ ΡΟΥΤΕΡ) — Ὁ Πρόεδρος τῆς Ὀργάνωσης γιὰ τὴν Ἀπελευθέρωση τῆς Παλαιστίνης Γιάσερ Ἀραφάτ, ἔφτασε σήμερα στὸ Ριάντ γιὰ συνομιλίες μὲ τοὺς Σαουδάραβες ἡγέτες σχετικὰ μὲ τὴν κρίση στὸ Λίβανο. Ἡ Σαουδικὴ Ἀραβία ἔχει ἀναλάβει πρωτοβουλία γιὰ τὴν ἐπίλυση τῆς κρίσης.

ΜΠΑΧΡΕΪΝ 5 (ΑΠΕ ΡΟΥΤΕΡ) — Ὁ Πρόεδρος τῆς Ὀργάνωσης γιὰ τὴν Ἀπελευθέρωση τῆς Παλαιστίνης Γιάσερ Ἀραφάτ, ἔφτασε σήμερα στὸ Ριάντ γιὰ συνομιλίες μὲ τοὺς Σαουδάραβες ἡγέτες σχετικὰ μὲ τὴν κρίση στὸ Λίβανο. Ἡ Σαουδικὴ Ἀραβία ἔχει ἀναλάβει πρωτοβουλία

ΜΠΑΧΡΕΪΝ 5 (ΑΠΕ ΡΟΥΤΕΡ) — Ὁ Πρόεδρος τῆς Ὀργάνωσης γιὰ τὴν Ἀπελευθέρωση τῆς Παλαιστίνης Γιάσερ Ἀραφάτ, ἔφτασε σήμερα στὸ Ριάντ γιὰ συνομιλίες μὲ τοὺς Σαουδάραβες ἡγέτες σχετικὰ μὲ τὴν κρίση στὸ Λίβανο. Ἡ Σαουδικὴ Ἀραβία ἔχει ἀναλάβει πρωτοβουλία γιὰ τὴν ἐπίλυση τῆς κρίσης.

ΜΠΑΧΡΕΪΝ 5 (ΑΠΕ ΡΟΥΤΕΡ) — Ὁ Πρόεδρος τῆς Ὀργάνωσης γιὰ τὴν Ἀπελευθέρωση τῆς Παλαιστίνης Γιάσερ Ἀραφάτ, ἔφτασε σήμερα στὸ Ριάντ γιὰ συνομιλίες μὲ τοὺς Σαουδάραβες ἡγέτες σχετικὰ μὲ τὴν κρίση στὸ Λίβανο. Ἡ Σαουδικὴ Ἀραβία ἔχει ἀναλάβει πρωτοβουλία
